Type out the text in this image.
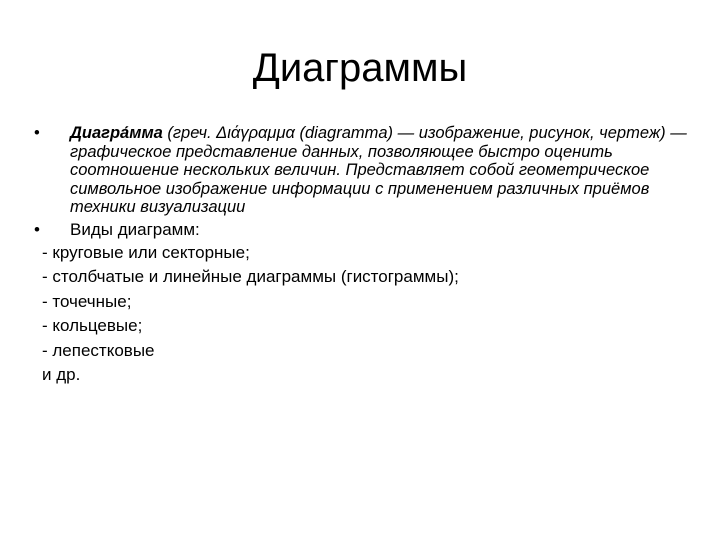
Диаграммы
• Диагра́мма (греч. Διάγραμμα (diagramma) — изображение, рисунок, чертеж) — графическое представление данных, позволяющее быстро оценить соотношение нескольких величин. Представляет собой геометрическое символьное изображение информации с применением различных приёмов техники визуализации
• Виды диаграмм:
- круговые или секторные;
- столбчатые и линейные диаграммы (гистограммы);
- точечные;
- кольцевые;
- лепестковые
и др.
